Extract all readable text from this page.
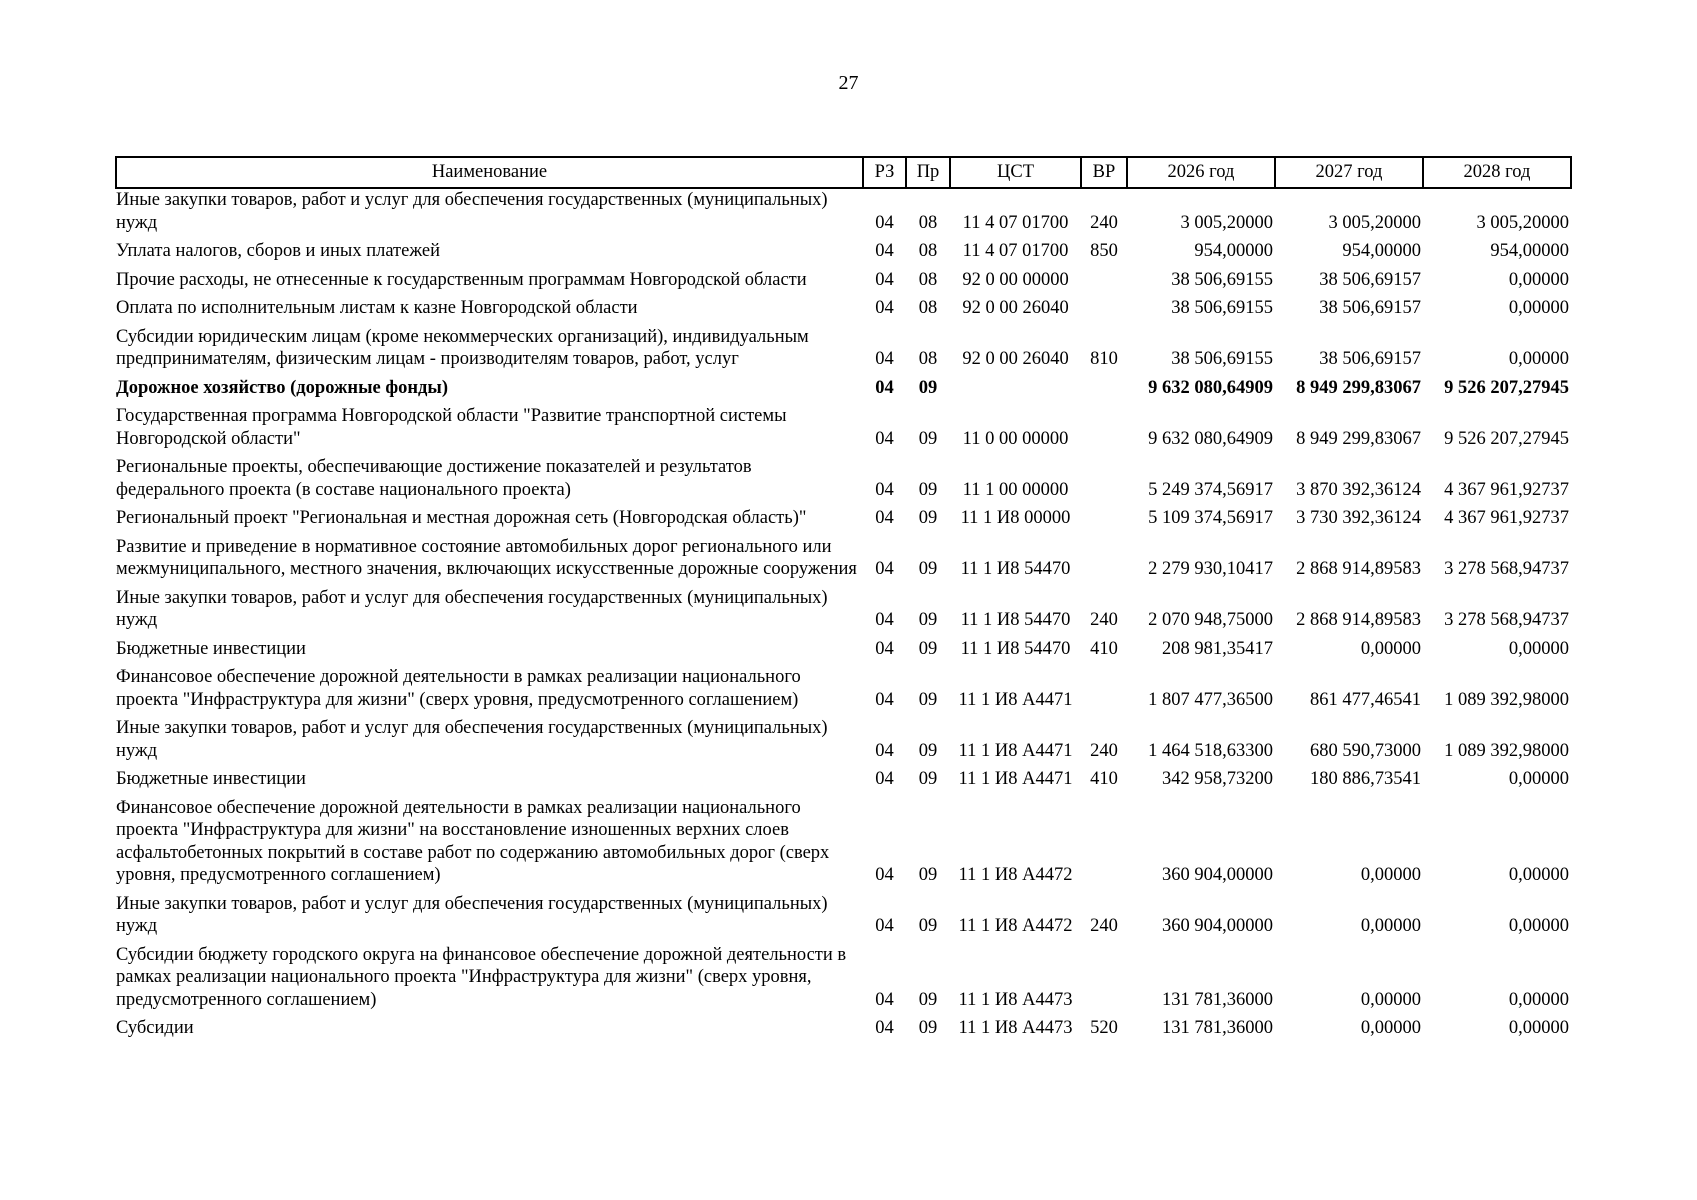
27
Наименование	РЗ	Пр	ЦСТ	ВР	2026 год	2027 год	2028 год
Иные закупки товаров, работ и услуг для обеспечения государственных (муниципальных) нужд	04	08	11 4 07 01700	240	3 005,20000	3 005,20000	3 005,20000
Уплата налогов, сборов и иных платежей	04	08	11 4 07 01700	850	954,00000	954,00000	954,00000
Прочие расходы, не отнесенные к государственным программам Новгородской области	04	08	92 0 00 00000		38 506,69155	38 506,69157	0,00000
Оплата по исполнительным листам к казне Новгородской области	04	08	92 0 00 26040		38 506,69155	38 506,69157	0,00000
Субсидии юридическим лицам (кроме некоммерческих организаций), индивидуальным предпринимателям, физическим лицам - производителям товаров, работ, услуг	04	08	92 0 00 26040	810	38 506,69155	38 506,69157	0,00000
Дорожное хозяйство (дорожные фонды)	04	09			9 632 080,64909	8 949 299,83067	9 526 207,27945
Государственная программа Новгородской области "Развитие транспортной системы Новгородской области"	04	09	11 0 00 00000		9 632 080,64909	8 949 299,83067	9 526 207,27945
Региональные проекты, обеспечивающие достижение показателей и результатов федерального проекта (в составе национального проекта)	04	09	11 1 00 00000		5 249 374,56917	3 870 392,36124	4 367 961,92737
Региональный проект "Региональная и местная дорожная сеть (Новгородская область)"	04	09	11 1 И8 00000		5 109 374,56917	3 730 392,36124	4 367 961,92737
Развитие и приведение в нормативное состояние автомобильных дорог регионального или межмуниципального, местного значения, включающих искусственные дорожные сооружения	04	09	11 1 И8 54470		2 279 930,10417	2 868 914,89583	3 278 568,94737
Иные закупки товаров, работ и услуг для обеспечения государственных (муниципальных) нужд	04	09	11 1 И8 54470	240	2 070 948,75000	2 868 914,89583	3 278 568,94737
Бюджетные инвестиции	04	09	11 1 И8 54470	410	208 981,35417	0,00000	0,00000
Финансовое обеспечение дорожной деятельности в рамках реализации национального проекта "Инфраструктура для жизни" (сверх уровня, предусмотренного соглашением)	04	09	11 1 И8 А4471		1 807 477,36500	861 477,46541	1 089 392,98000
Иные закупки товаров, работ и услуг для обеспечения государственных (муниципальных) нужд	04	09	11 1 И8 А4471	240	1 464 518,63300	680 590,73000	1 089 392,98000
Бюджетные инвестиции	04	09	11 1 И8 А4471	410	342 958,73200	180 886,73541	0,00000
Финансовое обеспечение дорожной деятельности в рамках реализации национального проекта "Инфраструктура для жизни" на восстановление изношенных верхних слоев асфальтобетонных покрытий в составе работ по содержанию автомобильных дорог (сверх уровня, предусмотренного соглашением)	04	09	11 1 И8 А4472		360 904,00000	0,00000	0,00000
Иные закупки товаров, работ и услуг для обеспечения государственных (муниципальных) нужд	04	09	11 1 И8 А4472	240	360 904,00000	0,00000	0,00000
Субсидии бюджету городского округа на финансовое обеспечение дорожной деятельности в рамках реализации национального проекта "Инфраструктура для жизни" (сверх уровня, предусмотренного соглашением)	04	09	11 1 И8 А4473		131 781,36000	0,00000	0,00000
Субсидии	04	09	11 1 И8 А4473	520	131 781,36000	0,00000	0,00000
